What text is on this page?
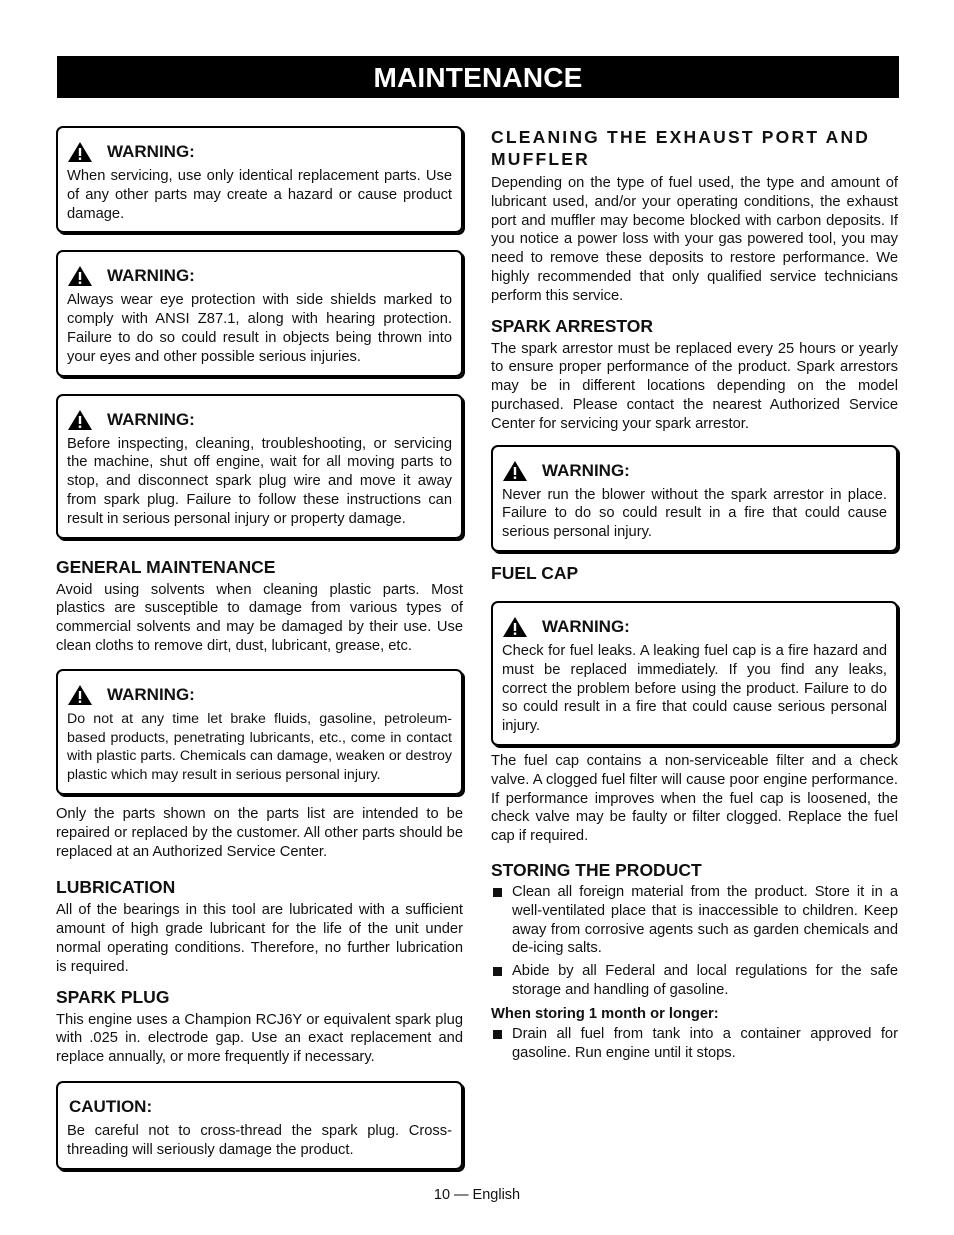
MAINTENANCE
WARNING:

When servicing, use only identical replacement parts. Use of any other parts may create a hazard or cause product damage.

WARNING:

Always wear eye protection with side shields marked to comply with ANSI Z87.1, along with hearing protection. Failure to do so could result in objects being thrown into your eyes and other possible serious injuries.

WARNING:

Before inspecting, cleaning, troubleshooting, or servicing the machine, shut off engine, wait for all moving parts to stop, and disconnect spark plug wire and move it away from spark plug. Failure to follow these instructions can result in serious personal injury or property damage.

GENERAL MAINTENANCE

Avoid using solvents when cleaning plastic parts. Most plastics are susceptible to damage from various types of commercial solvents and may be damaged by their use. Use clean cloths to remove dirt, dust, lubricant, grease, etc.

WARNING:

Do not at any time let brake fluids, gasoline, petroleum-based products, penetrating lubricants, etc., come in contact with plastic parts. Chemicals can damage, weaken or destroy plastic which may result in serious personal injury.

Only the parts shown on the parts list are intended to be repaired or replaced by the customer. All other parts should be replaced at an Authorized Service Center.

LUBRICATION

All of the bearings in this tool are lubricated with a sufficient amount of high grade lubricant for the life of the unit under normal operating conditions. Therefore, no further lubrication is required.

SPARK PLUG

This engine uses a Champion RCJ6Y or equivalent spark plug with .025 in. electrode gap. Use an exact replacement and replace annually, or more frequently if necessary.

CAUTION:

Be careful not to cross-thread the spark plug. Cross-threading will seriously damage the product.

CLEANING THE EXHAUST PORT AND MUFFLER

Depending on the type of fuel used, the type and amount of lubricant used, and/or your operating conditions, the exhaust port and muffler may become blocked with carbon deposits. If you notice a power loss with your gas powered tool, you may need to remove these deposits to restore performance. We highly recommended that only qualified service technicians perform this service.

SPARK ARRESTOR

The spark arrestor must be replaced every 25 hours or yearly to ensure proper performance of the product. Spark arrestors may be in different locations depending on the model purchased. Please contact the nearest Authorized Service Center for servicing your spark arrestor.

WARNING:

Never run the blower without the spark arrestor in place. Failure to do so could result in a fire that could cause serious personal injury.

FUEL CAP
WARNING:

Check for fuel leaks. A leaking fuel cap is a fire hazard and must be replaced immediately. If you find any leaks, correct the problem before using the product. Failure to do so could result in a fire that could cause serious personal injury.

The fuel cap contains a non-serviceable filter and a check valve. A clogged fuel filter will cause poor engine performance. If performance improves when the fuel cap is loosened, the check valve may be faulty or filter clogged. Replace the fuel cap if required.

STORING THE PRODUCT
Clean all foreign material from the product. Store it in a well-ventilated place that is inaccessible to children. Keep away from corrosive agents such as garden chemicals and de-icing salts.
Abide by all Federal and local regulations for the safe storage and handling of gasoline.
When storing 1 month or longer:
Drain all fuel from tank into a container approved for gasoline. Run engine until it stops.
10 — English
